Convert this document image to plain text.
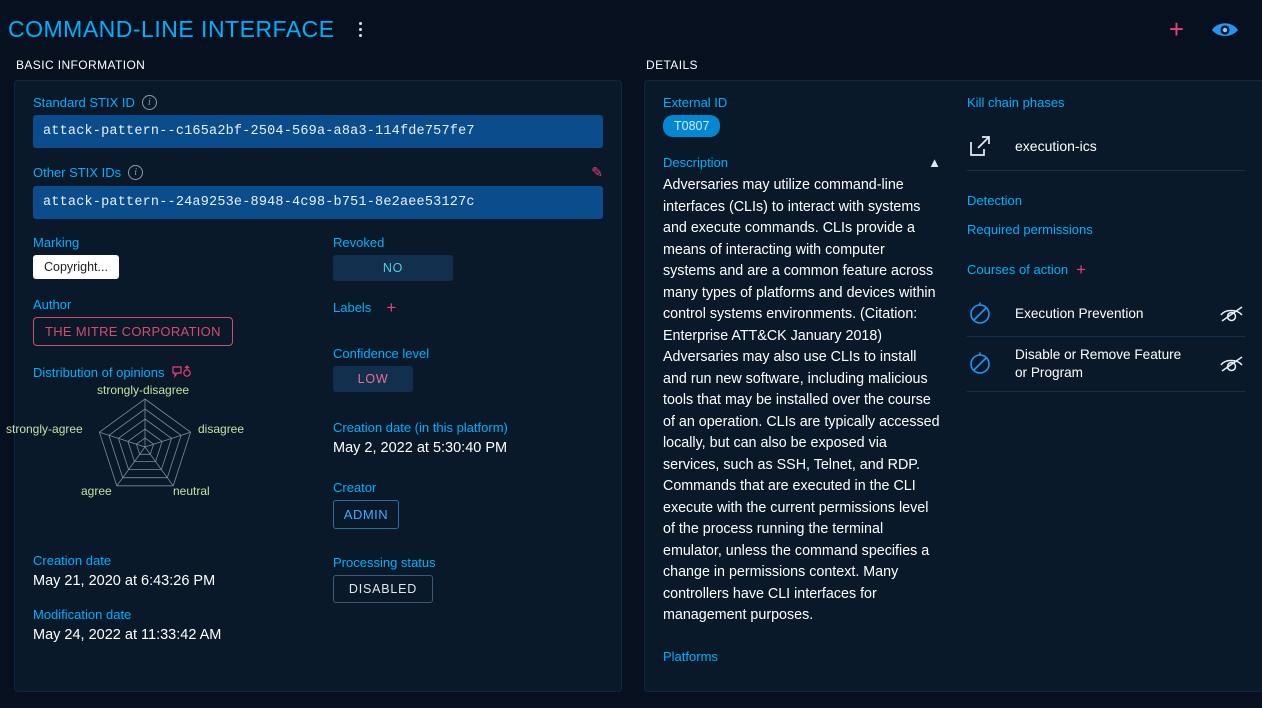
COMMAND-LINE INTERFACE	+
BASIC INFORMATION
Standard STIX ID	i
attack-pattern--c165a2bf-2504-569a-a8a3-114fde757fe7
Other STIX IDs	i	✎
attack-pattern--24a9253e-8948-4c98-b751-8e2aee53127c
Marking
Copyright...
Author
THE MITRE CORPORATION
Distribution of opinions
strongly-disagree
disagree
neutral
agree
strongly-agree
Creation date
May 21, 2020 at 6:43:26 PM
Modification date
May 24, 2022 at 11:33:42 AM
Revoked
NO
Labels +
Confidence level
LOW
Creation date (in this platform)
May 2, 2022 at 5:30:40 PM
Creator
ADMIN
Processing status
DISABLED
DETAILS
External ID
T0807
Description	▲
Adversaries may utilize command-line interfaces (CLIs) to interact with systems and execute commands. CLIs provide a means of interacting with computer systems and are a common feature across many types of platforms and devices within control systems environments. (Citation: Enterprise ATT&CK January 2018) Adversaries may also use CLIs to install and run new software, including malicious tools that may be installed over the course of an operation. CLIs are typically accessed locally, but can also be exposed via services, such as SSH, Telnet, and RDP. Commands that are executed in the CLI execute with the current permissions level of the process running the terminal emulator, unless the command specifies a change in permissions context. Many controllers have CLI interfaces for management purposes.
Platforms
Kill chain phases
execution-ics
Detection
Required permissions
Courses of action +
Execution Prevention
Disable or Remove Feature or Program
